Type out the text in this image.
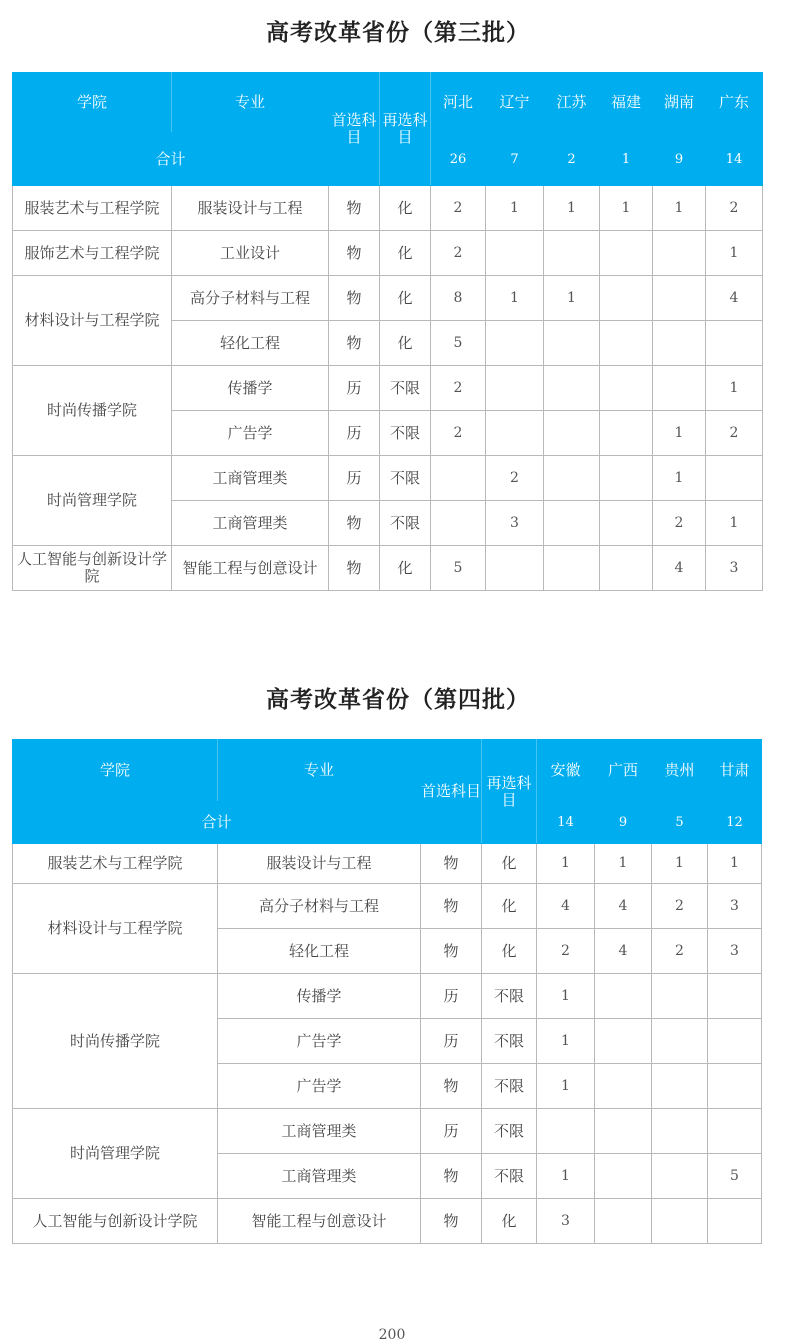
高考改革省份（第三批）
学院	专业	首选科目	再选科目	河北	辽宁	江苏	福建	湖南	广东
合计				26	7	2	1	9	14
服装艺术与工程学院	服装设计与工程	物	化	2	1	1	1	1	2
服饰艺术与工程学院	工业设计	物	化	2					1
材料设计与工程学院	高分子材料与工程	物	化	8	1	1			4
	轻化工程	物	化	5					
时尚传播学院	传播学	历	不限	2					1
	广告学	历	不限	2				1	2
时尚管理学院	工商管理类	历	不限		2			1	
	工商管理类	物	不限		3			2	1
人工智能与创新设计学院	智能工程与创意设计	物	化	5				4	3
高考改革省份（第四批）
学院	专业	首选科目	再选科目	安徽	广西	贵州	甘肃
合计				14	9	5	12
服装艺术与工程学院	服装设计与工程	物	化	1	1	1	1
材料设计与工程学院	高分子材料与工程	物	化	4	4	2	3
	轻化工程	物	化	2	4	2	3
时尚传播学院	传播学	历	不限	1			
	广告学	历	不限	1			
	广告学	物	不限	1			
时尚管理学院	工商管理类	历	不限				
	工商管理类	物	不限	1			5
人工智能与创新设计学院	智能工程与创意设计	物	化	3			
200
